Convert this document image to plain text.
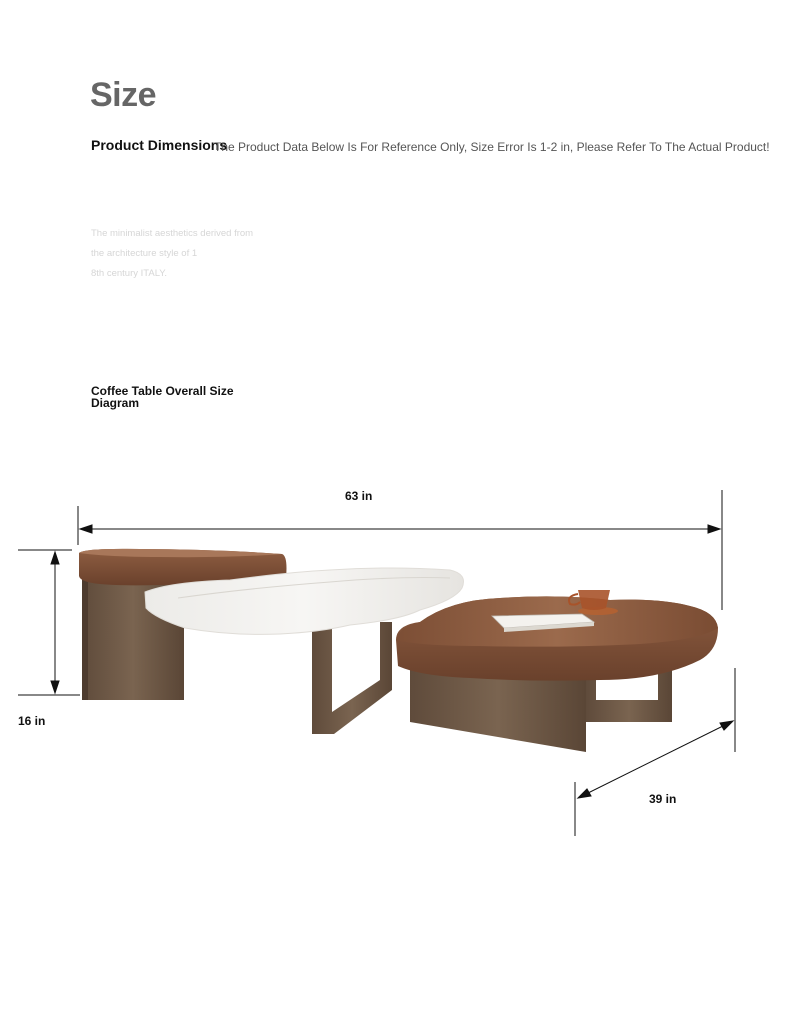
Size
Product Dimensions
The Product Data Below Is For Reference Only, Size Error Is 1-2 in, Please Refer To The Actual Product!
The minimalist aesthetics derived from
the architecture style of 1
8th century ITALY.
Coffee Table Overall Size Diagram
63 in
16 in
39 in
